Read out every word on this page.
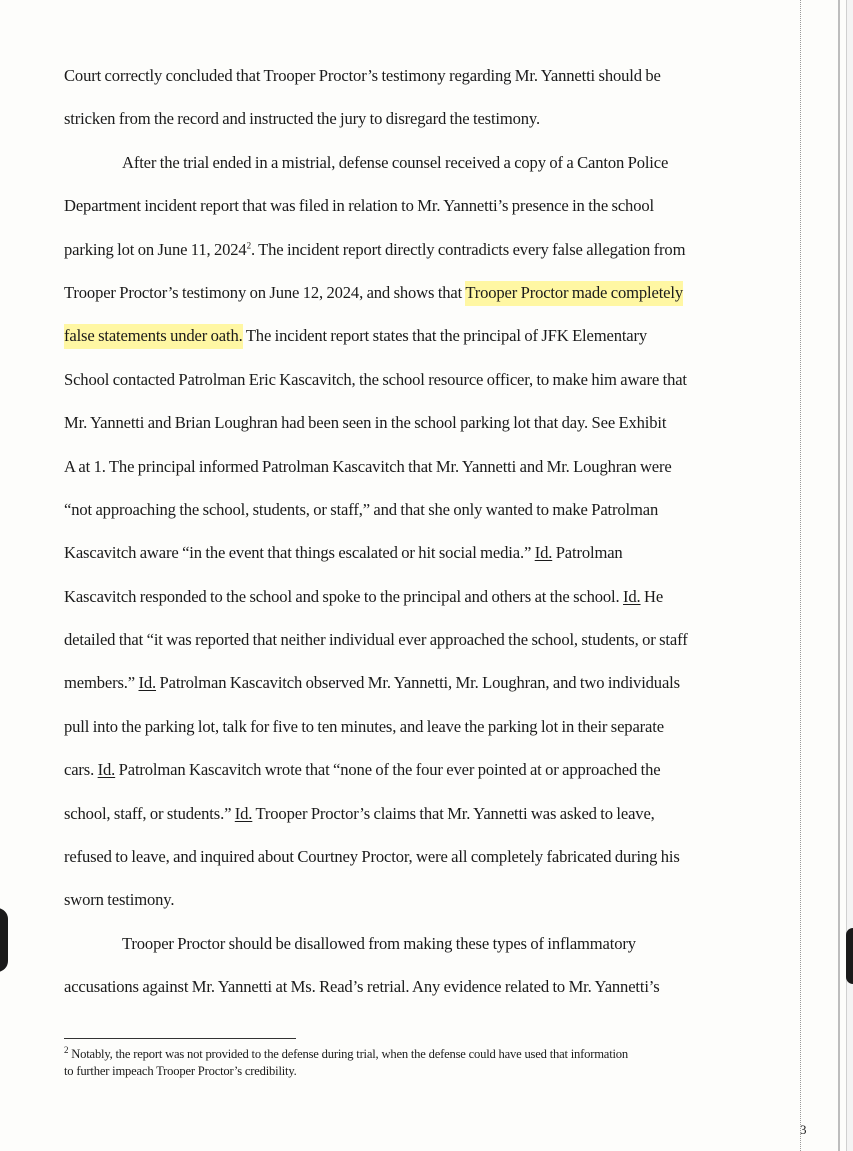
Court correctly concluded that Trooper Proctor’s testimony regarding Mr. Yannetti should be
stricken from the record and instructed the jury to disregard the testimony.
After the trial ended in a mistrial, defense counsel received a copy of a Canton Police
Department incident report that was filed in relation to Mr. Yannetti’s presence in the school
parking lot on June 11, 2024$^2$. The incident report directly contradicts every false allegation from
Trooper Proctor’s testimony on June 12, 2024, and shows that Trooper Proctor made completely
false statements under oath. The incident report states that the principal of JFK Elementary
School contacted Patrolman Eric Kascavitch, the school resource officer, to make him aware that
Mr. Yannetti and Brian Loughran had been seen in the school parking lot that day. See Exhibit
A at 1. The principal informed Patrolman Kascavitch that Mr. Yannetti and Mr. Loughran were
“not approaching the school, students, or staff,” and that she only wanted to make Patrolman
Kascavitch aware “in the event that things escalated or hit social media.” Id. Patrolman
Kascavitch responded to the school and spoke to the principal and others at the school. Id. He
detailed that “it was reported that neither individual ever approached the school, students, or staff
members.” Id. Patrolman Kascavitch observed Mr. Yannetti, Mr. Loughran, and two individuals
pull into the parking lot, talk for five to ten minutes, and leave the parking lot in their separate
cars. Id. Patrolman Kascavitch wrote that “none of the four ever pointed at or approached the
school, staff, or students.” Id. Trooper Proctor’s claims that Mr. Yannetti was asked to leave,
refused to leave, and inquired about Courtney Proctor, were all completely fabricated during his
sworn testimony.
Trooper Proctor should be disallowed from making these types of inflammatory
accusations against Mr. Yannetti at Ms. Read’s retrial. Any evidence related to Mr. Yannetti’s
$^2$ Notably, the report was not provided to the defense during trial, when the defense could have used that information
to further impeach Trooper Proctor’s credibility.
3
